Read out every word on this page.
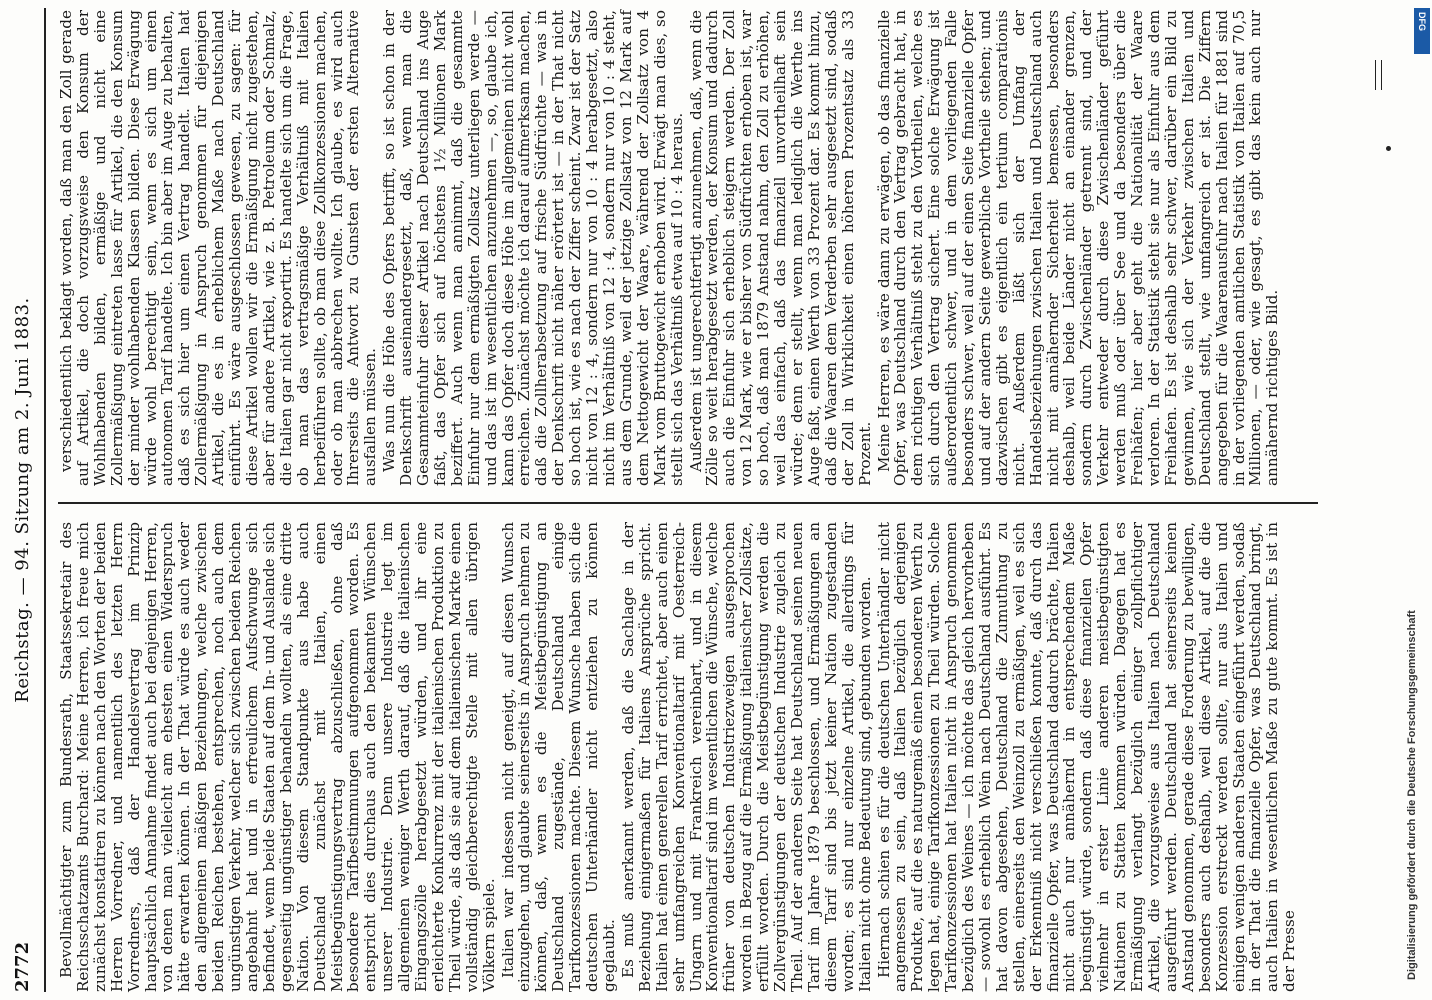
2772
Reichstag. — 94. Sitzung am 2. Juni 1883.

Bevollmächtigter zum Bundesrath, Staatssekretair des Reichsschatzamts Burchard: Meine Herren, ich freue mich zunächst konstatiren zu können nach den Worten der beiden Herren Vorredner, und namentlich des letzten Herrn Vorredners, daß der Handelsvertrag im Prinzip hauptsächlich Annahme findet auch bei denjenigen Herren, von denen man vielleicht am ehesten einen Widerspruch hätte erwarten können. In der That würde es auch weder den allgemeinen mäßigen Beziehungen, welche zwischen beiden Reichen bestehen, entsprechen, noch auch dem ungünstigen Verkehr, welcher sich zwischen beiden Reichen angebahnt hat und in erfreulichem Aufschwunge sich befindet, wenn beide Staaten auf dem In- und Auslande sich gegenseitig ungünstiger behandeln wollten, als eine dritte Nation. Von diesem Standpunkte aus habe auch Deutschland zunächst mit Italien, einen Meistbegünstigungsvertrag abzuschließen, ohne daß besondere Tarifbestimmungen aufgenommen worden. Es entspricht dies durchaus auch den bekannten Wünschen unserer Industrie. Denn unsere Industrie legt im allgemeinen weniger Werth darauf, daß die italienischen Eingangszölle herabgesetzt würden, und ihr eine erleichterte Konkurrenz mit der italienischen Produktion zu Theil würde, als daß sie auf dem italienischen Markte einen vollständig gleichberechtigte Stelle mit allen übrigen Völkern spiele. Italien war indessen nicht geneigt, auf diesen Wunsch einzugehen, und glaubte seinerseits in Anspruch nehmen zu können, daß, wenn es die Meistbegünstigung an Deutschland zugestände, Deutschland einige Tarifkonzessionen machte. Diesem Wunsche haben sich die deutschen Unterhändler nicht entziehen zu können geglaubt. Es muß anerkannt werden, daß die Sachlage in der Beziehung einigermaßen für Italiens Ansprüche spricht. Italien hat einen generellen Tarif errichtet, aber auch einen sehr umfangreichen Konventionaltarif mit Oesterreich-Ungarn und mit Frankreich vereinbart, und in diesem Konventionaltarif sind im wesentlichen die Wünsche, welche früher von deutschen Industriezweigen ausgesprochen worden in Bezug auf die Ermäßigung italienischer Zollsätze, erfüllt worden. Durch die Meistbegünstigung werden die Zollvergünstigungen der deutschen Industrie zugleich zu Theil. Auf der anderen Seite hat Deutschland seinen neuen Tarif im Jahre 1879 beschlossen, und Ermäßigungen an diesem Tarif sind bis jetzt keiner Nation zugestanden worden; es sind nur einzelne Artikel, die allerdings für Italien nicht ohne Bedeutung sind, gebunden worden. Hiernach schien es für die deutschen Unterhändler nicht angemessen zu sein, daß Italien bezüglich derjenigen Produkte, auf die es naturgemäß einen besonderen Werth zu legen hat, einige Tarifkonzessionen zu Theil würden. Solche Tarifkonzessionen hat Italien nicht in Anspruch genommen bezüglich des Weines — ich möchte das gleich hervorheben — sowohl es erheblich Wein nach Deutschland ausführt. Es hat davon abgesehen, Deutschland die Zumuthung zu stellen, einerseits den Weinzoll zu ermäßigen, weil es sich der Erkenntniß nicht verschließen konnte, daß durch das finanzielle Opfer, was Deutschland dadurch brächte, Italien nicht auch nur annähernd in entsprechendem Maße begünstigt würde, sondern daß diese finanziellen Opfer vielmehr in erster Linie anderen meistbegünstigten Nationen zu Statten kommen würden. Dagegen hat es Ermäßigung verlangt bezüglich einiger zollpflichtiger Artikel, die vorzugsweise aus Italien nach Deutschland ausgeführt werden. Deutschland hat seinerseits keinen Anstand genommen, gerade diese Forderung zu bewilligen, besonders auch deshalb, weil diese Artikel, auf die die Konzession erstreckt werden sollte, nur aus Italien und einigen wenigen anderen Staaten eingeführt werden, sodaß in der That die finanzielle Opfer, was Deutschland bringt, auch Italien in wesentlichen Maße zu gute kommt. Es ist in der Presse

verschiedentlich beklagt worden, daß man den Zoll gerade auf Artikel, die doch vorzugsweise den Konsum der Wohlhabenden bilden, ermäßige und nicht eine Zollermäßigung eintreten lasse für Artikel, die den Konsum der minder wohlhabenden Klassen bilden. Diese Erwägung würde wohl berechtigt sein, wenn es sich um einen autonomen Tarif handelte. Ich bin aber im Auge zu behalten, daß es sich hier um einen Vertrag handelt. Italien hat Zollermäßigung in Anspruch genommen für diejenigen Artikel, die es in erheblichem Maße nach Deutschland einführt. Es wäre ausgeschlossen gewesen, zu sagen: für diese Artikel wollen wir die Ermäßigung nicht zugestehen, aber für andere Artikel, wie z. B. Petroleum oder Schmalz, die Italien gar nicht exportirt. Es handelte sich um die Frage, ob man das vertragsmäßige Verhältniß mit Italien herbeiführen sollte, ob man diese Zollkonzessionen machen, oder ob man abbrechen wollte. Ich glaube, es wird auch Ihrerseits die Antwort zu Gunsten der ersten Alternative ausfallen müssen. Was nun die Höhe des Opfers betrifft, so ist schon in der Denkschrift auseinandergesetzt, daß, wenn man die Gesammteinfuhr dieser Artikel nach Deutschland ins Auge faßt, das Opfer sich auf höchstens 1½ Millionen Mark beziffert. Auch wenn man annimmt, daß die gesammte Einfuhr nur dem ermäßigten Zollsatz unterliegen werde — und das ist im wesentlichen anzunehmen —, so, glaube ich, kann das Opfer doch diese Höhe im allgemeinen nicht wohl erreichen. Zunächst möchte ich darauf aufmerksam machen, daß die Zollherabsetzung auf frische Südfrüchte — was in der Denkschrift nicht näher erörtert ist — in der That nicht so hoch ist, wie es nach der Ziffer scheint. Zwar ist der Satz nicht von 12 : 4, sondern nur von 10 : 4 herabgesetzt, also nicht im Verhältniß von 12 : 4, sondern nur von 10 : 4 steht, aus dem Grunde, weil der jetzige Zollsatz von 12 Mark auf dem Nettogewicht der Waare, während der Zollsatz von 4 Mark vom Bruttogewicht erhoben wird. Erwägt man dies, so stellt sich das Verhältniß etwa auf 10 : 4 heraus. Außerdem ist ungerechtfertigt anzunehmen, daß, wenn die Zölle so weit herabgesetzt werden, der Konsum und dadurch auch die Einfuhr sich erheblich steigern werden. Der Zoll von 12 Mark, wie er bisher von Südfrüchten erhoben ist, war so hoch, daß man 1879 Anstand nahm, den Zoll zu erhöhen, weil das einfach, daß das finanziell unvortheilhaft sein würde; denn er stellt, wenn man lediglich die Werthe ins Auge faßt, einen Werth von 33 Prozent dar. Es kommt hinzu, daß die Waaren dem Verderben sehr ausgesetzt sind, sodaß der Zoll in Wirklichkeit einen höheren Prozentsatz als 33 Prozent. Meine Herren, es wäre dann zu erwägen, ob das finanzielle Opfer, was Deutschland durch den Vertrag gebracht hat, in dem richtigen Verhältniß steht zu den Vortheilen, welche es sich durch den Vertrag sichert. Eine solche Erwägung ist außerordentlich schwer, und in dem vorliegenden Falle besonders schwer, weil auf der einen Seite finanzielle Opfer und auf der andern Seite gewerbliche Vortheile stehen; und dazwischen gibt es eigentlich ein tertium comparationis nicht. Außerdem läßt sich der Umfang der Handelsbeziehungen zwischen Italien und Deutschland auch nicht mit annähernder Sicherheit bemessen, besonders deshalb, weil beide Länder nicht an einander grenzen, sondern durch Zwischenländer getrennt sind, und der Verkehr entweder durch diese Zwischenländer geführt werden muß oder über See und da besonders über die Freihäfen; hier aber geht die Nationalität der Waare verloren. In der Statistik steht sie nur als Einfuhr aus dem Freihafen. Es ist deshalb sehr schwer, darüber ein Bild zu gewinnen, wie sich der Verkehr zwischen Italien und Deutschland stellt, wie umfangreich er ist. Die Ziffern angegeben für die Waarenausfuhr nach Italien für 1881 sind in der vorliegenden amtlichen Statistik von Italien auf 70,5 Millionen, — oder, wie gesagt, es gibt das kein auch nur annähernd richtiges Bild.

DFG
Digitalisierung gefördert durch die Deutsche Forschungsgemeinschaft
